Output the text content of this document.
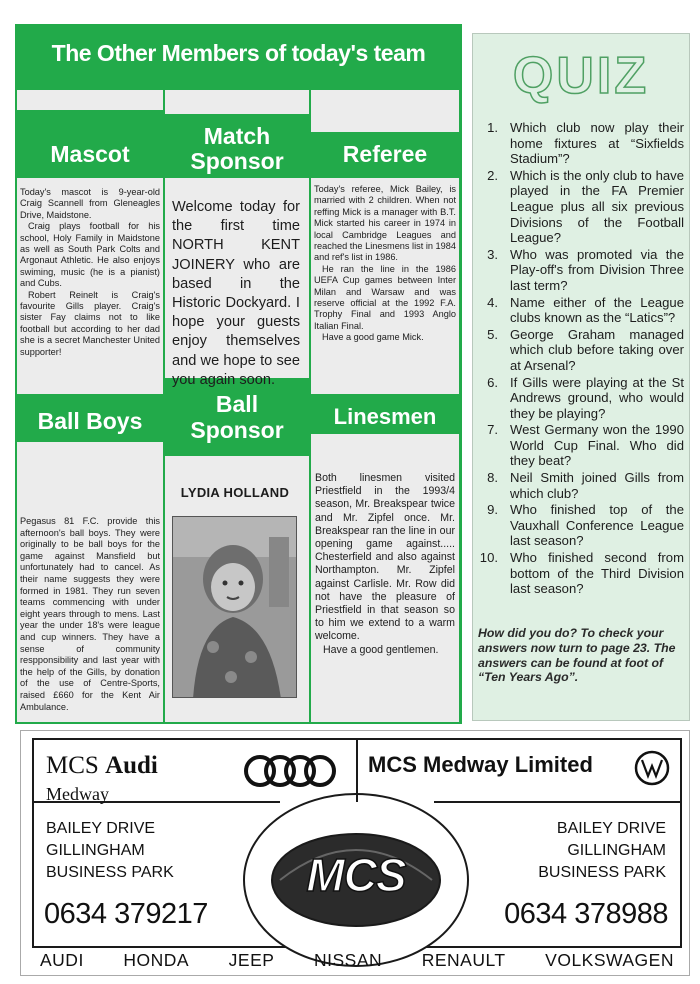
The Other Members of today's team
Mascot

Today's mascot is 9-year-old Craig Scannell from Gleneagles Drive, Maidstone.

Craig plays football for his school, Holy Family in Maidstone as well as South Park Colts and Argonaut Athletic. He also enjoys swiming, music (he is a pianist) and Cubs.

Robert Reinelt is Craig's favourite Gills player. Craig's sister Fay claims not to like football but according to her dad she is a secret Manchester United supporter!

Match
Sponsor
Welcome today for the first time NORTH KENT JOINERY who are based in the Historic Dockyard. I hope your guests enjoy themselves and we hope to see you again soon.
Referee

Today's referee, Mick Bailey, is married with 2 children. When not reffing Mick is a manager with B.T. Mick started his career in 1974 in local Cambridge Leagues and reached the Linesmens list in 1984 and ref's list in 1986.

He ran the line in the 1986 UEFA Cup games between Inter Milan and Warsaw and was reserve official at the 1992 F.A. Trophy Final and 1993 Anglo Italian Final.

Have a good game Mick.

Ball Boys

Pegasus 81 F.C. provide this afternoon's ball boys. They were originally to be ball boys for the game against Mansfield but unfortunately had to cancel. As their name suggests they were formed in 1981. They run seven teams commencing with under eight years through to mens. Last year the under 18's were league and cup winners. They have a sense of community respponsibility and last year with the help of the Gills, by donation of the use of Centre-Sports, raised £660 for the Kent Air Ambulance.

Ball
Sponsor
LYDIA HOLLAND
Linesmen

Both linesmen visited Priestfield in the 1993/4 season, Mr. Breakspear twice and Mr. Zipfel once. Mr. Breakspear ran the line in our opening game against..... Chesterfield and also against Northampton. Mr. Zipfel against Carlisle. Mr. Row did not have the pleasure of Priestfield in that season so to him we extend to a warm welcome.

Have a good gentlemen.

QUIZ
1. Which club now play their home fixtures at “Sixfields Stadium”?
2. Which is the only club to have played in the FA Premier League plus all six previous Divisions of the Football League?
3. Who was promoted via the Play-off's from Division Three last term?
4. Name either of the League clubs known as the “Latics”?
5. George Graham managed which club before taking over at Arsenal?
6. If Gills were playing at the St Andrews ground, who would they be playing?
7. West Germany won the 1990 World Cup Final. Who did they beat?
8. Neil Smith joined Gills from which club?
9. Who finished top of the Vauxhall Conference League last season?
10. Who finished second from bottom of the Third Division last season?
How did you do? To check your answers now turn to page 23. The answers can be found at foot of “Ten Years Ago”.
MCS
MCS Audi
Medway
BAILEY DRIVE
GILLINGHAM
BUSINESS PARK
0634 379217
MCS Medway Limited
BAILEY DRIVE
GILLINGHAM
BUSINESS PARK
0634 378988
AUDI HONDA JEEP NISSAN RENAULT VOLKSWAGEN
